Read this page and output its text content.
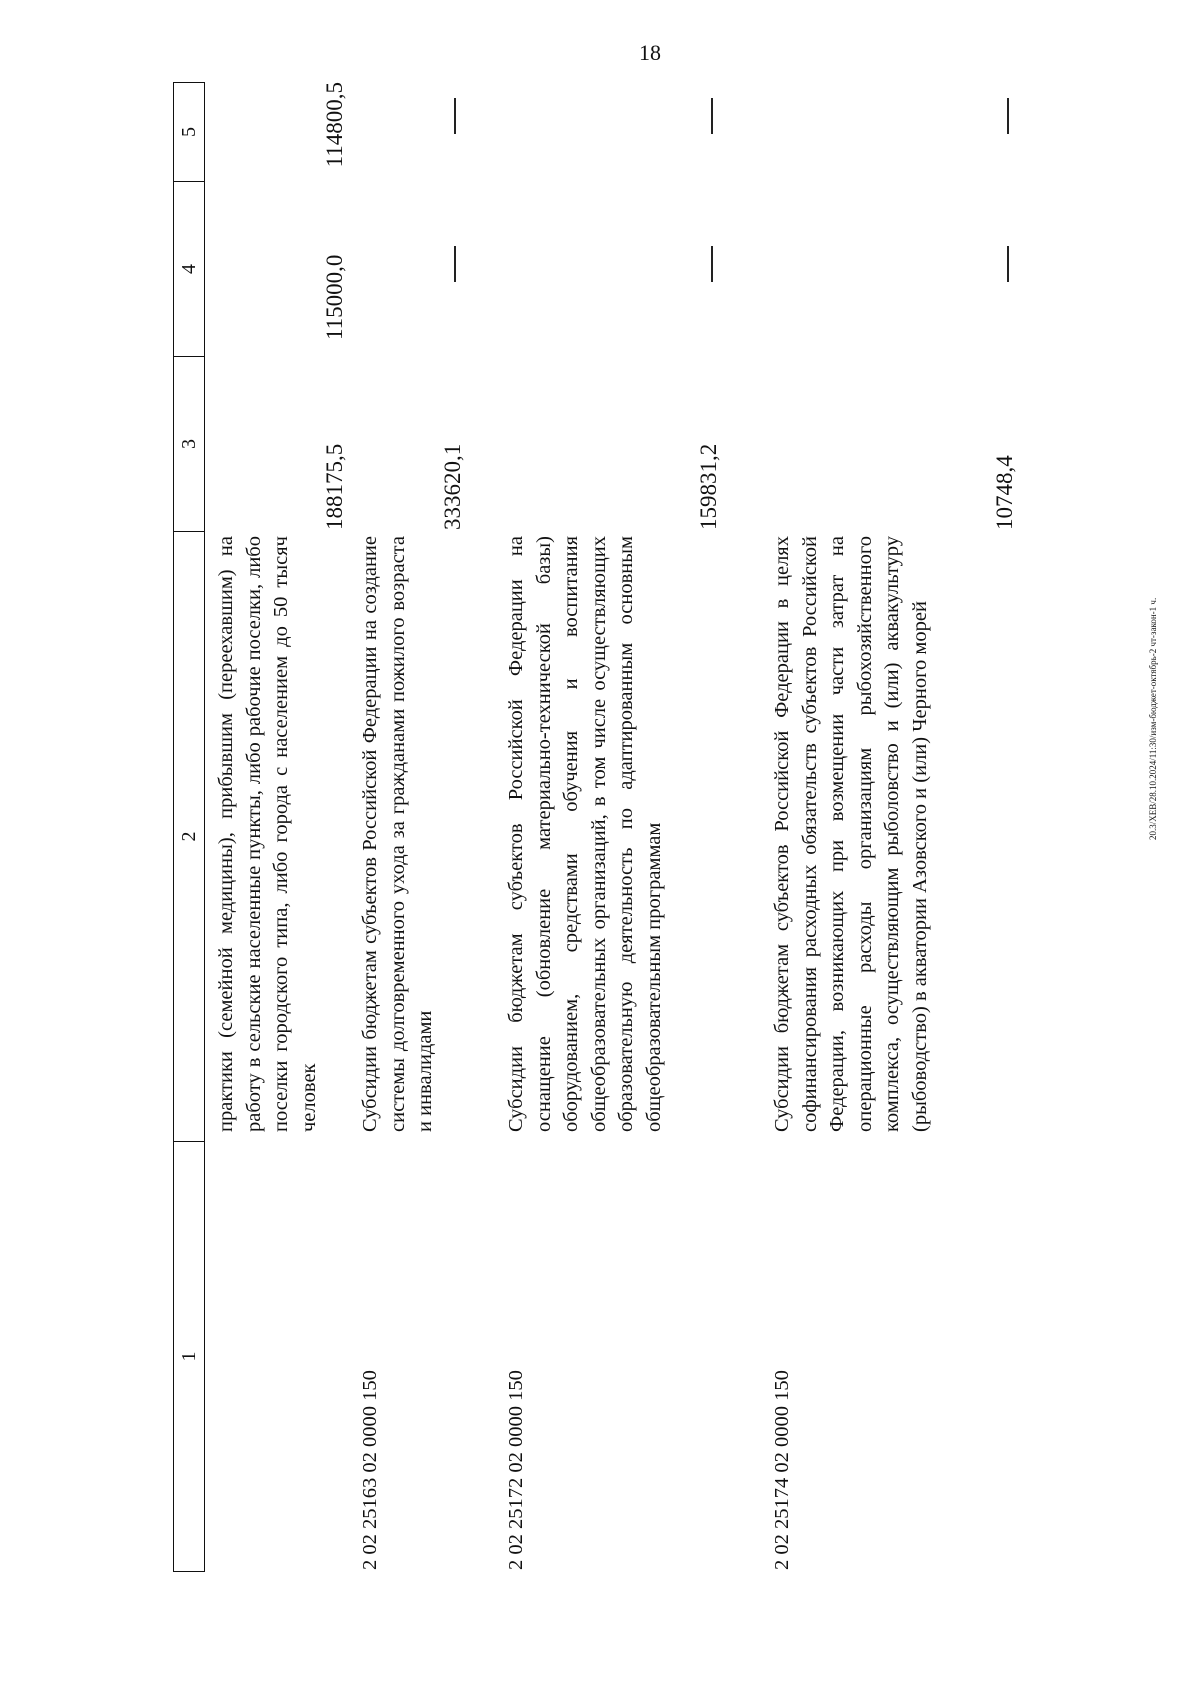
18
20.3/ХЕВ/28.10.2024/11:30/изм-бюджет-октябрь-2 чт-закон-1 ч.
1
2
3
4
5
практики (семейной медицины), прибывшим (переехавшим) на работу в сельские населенные пункты, либо рабочие поселки, либо поселки городского типа, либо города с населением до 50 тысяч человек
188175,5
115000,0
114800,5
2 02 25163 02 0000 150
Субсидии бюджетам субъектов Российской Федерации на создание системы долговременного ухода за гражданами пожилого возраста и инвалидами
333620,1
2 02 25172 02 0000 150
Субсидии бюджетам субъектов Российской Федерации на оснащение (обновление материально-технической базы) оборудованием, средствами обучения и воспитания общеобразовательных организаций, в том числе осуществляющих образовательную деятельность по адаптированным основным общеобразовательным программам
159831,2
2 02 25174 02 0000 150
Субсидии бюджетам субъектов Российской Федерации в целях софинансирования расходных обязательств субъектов Российской Федерации, возникающих при возмещении части затрат на операционные расходы организациям рыбохозяйственного комплекса, осуществляющим рыболовство и (или) аквакультуру (рыбоводство) в акватории Азовского и (или) Черного морей
10748,4
